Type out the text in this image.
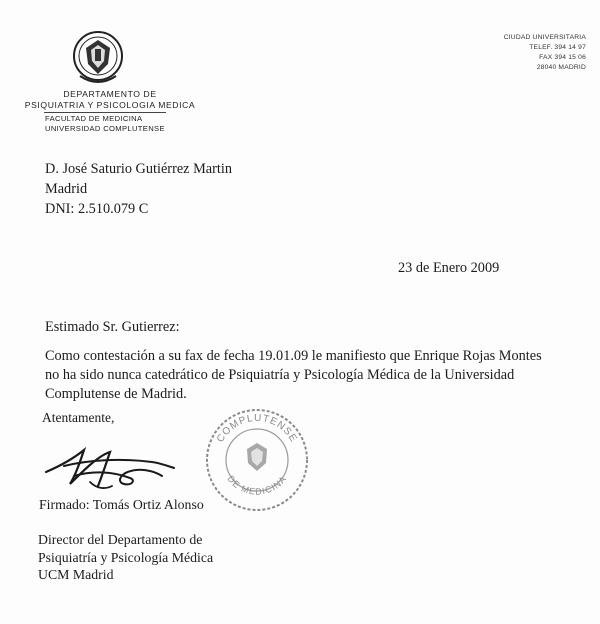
DEPARTAMENTO DE
PSIQUIATRIA Y PSICOLOGIA MEDICA
FACULTAD DE MEDICINA
UNIVERSIDAD COMPLUTENSE
CIUDAD UNIVERSITARIA
TELEF. 394 14 97
FAX 394 15 06
28040 MADRID
D. José Saturio Gutiérrez Martin
Madrid
DNI: 2.510.079 C
23 de Enero 2009
Estimado Sr. Gutierrez:
Como contestación a su fax de fecha 19.01.09 le manifiesto que Enrique Rojas Montes
no ha sido nunca catedrático de Psiquiatría y Psicología Médica de la Universidad
Complutense de Madrid.
Atentamente,
COMPLUTENSE
DE MEDICINA
Firmado: Tomás Ortiz Alonso
Director del Departamento de
Psiquiatría y Psicología Médica
UCM Madrid
